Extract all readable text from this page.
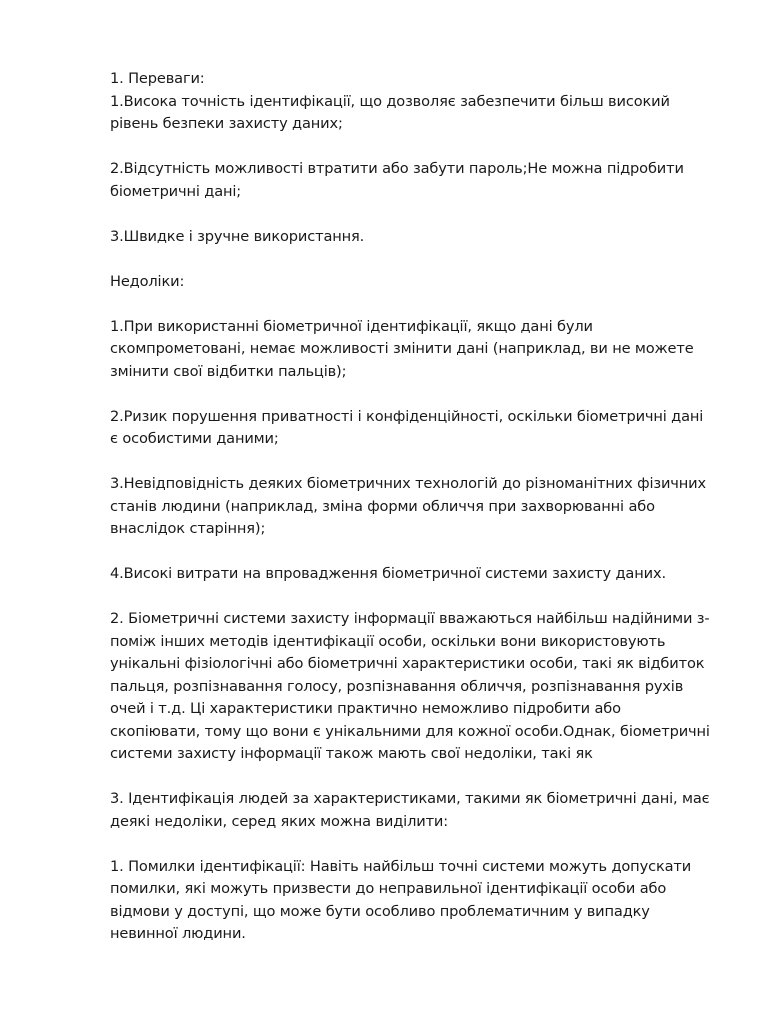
1. Переваги:

1.Висока точність ідентифікації, що дозволяє забезпечити більш високий рівень безпеки захисту даних;

2.Відсутність можливості втратити або забути пароль;Не можна підробити біометричні дані;

3.Швидке і зручне використання.

Недоліки:

1.При використанні біометричної ідентифікації, якщо дані були скомпрометовані, немає можливості змінити дані (наприклад, ви не можете змінити свої відбитки пальців);

2.Ризик порушення приватності і конфіденційності, оскільки біометричні дані є особистими даними;

3.Невідповідність деяких біометричних технологій до різноманітних фізичних станів людини (наприклад, зміна форми обличчя при захворюванні або внаслідок старіння);

4.Високі витрати на впровадження біометричної системи захисту даних.

2. Біометричні системи захисту інформації вважаються найбільш надійними з-поміж інших методів ідентифікації особи, оскільки вони використовують унікальні фізіологічні або біометричні характеристики особи, такі як відбиток пальця, розпізнавання голосу, розпізнавання обличчя, розпізнавання рухів очей і т.д. Ці характеристики практично неможливо підробити або скопіювати, тому що вони є унікальними для кожної особи.Однак, біометричні системи захисту інформації також мають свої недоліки, такі як

3. Ідентифікація людей за характеристиками, такими як біометричні дані, має деякі недоліки, серед яких можна виділити:

1. Помилки ідентифікації: Навіть найбільш точні системи можуть допускати помилки, які можуть призвести до неправильної ідентифікації особи або відмови у доступі, що може бути особливо проблематичним у випадку невинної людини.
